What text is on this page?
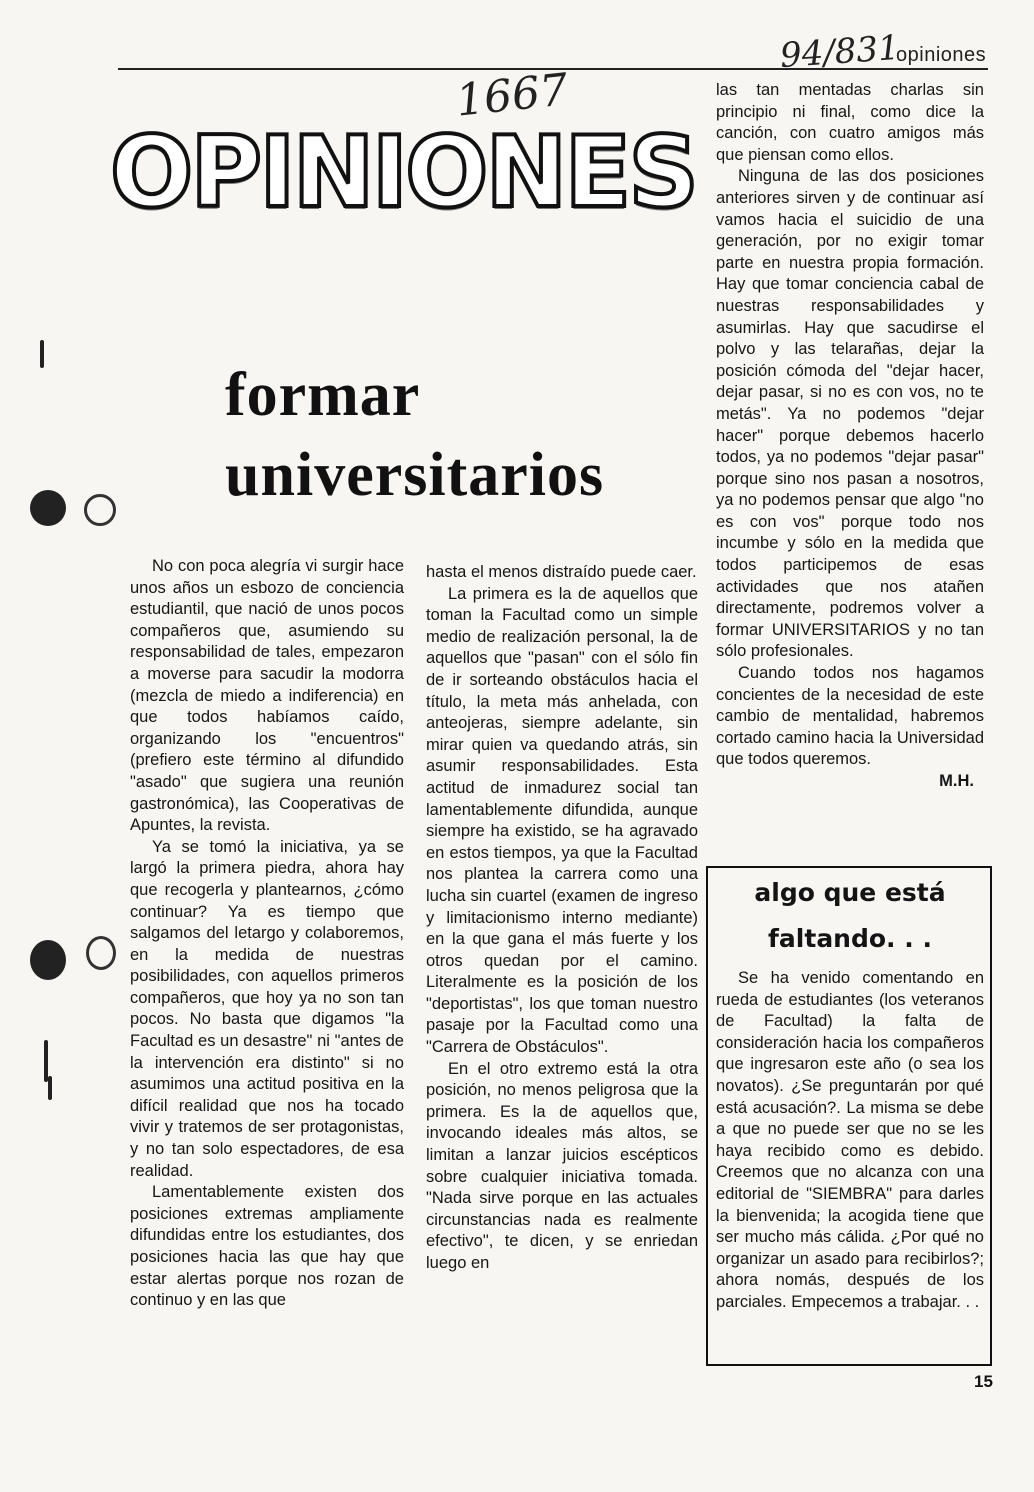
94/831
opiniones
1667
OPINIONES
formar
universitarios

No con poca alegría vi surgir hace unos años un esbozo de conciencia estudiantil, que nació de unos pocos compañeros que, asumiendo su responsabilidad de tales, empezaron a moverse para sacudir la modorra (mezcla de miedo a indiferencia) en que todos habíamos caído, organizando los "encuentros" (prefiero este término al difundido "asado" que sugiera una reunión gastronómica), las Cooperativas de Apuntes, la revista.

Ya se tomó la iniciativa, ya se largó la primera piedra, ahora hay que recogerla y plantearnos, ¿cómo continuar? Ya es tiempo que salgamos del letargo y colaboremos, en la medida de nuestras posibilidades, con aquellos primeros compañeros, que hoy ya no son tan pocos. No basta que digamos "la Facultad es un desastre" ni "antes de la intervención era distinto" si no asumimos una actitud positiva en la difícil realidad que nos ha tocado vivir y tratemos de ser protagonistas, y no tan solo espectadores, de esa realidad.

Lamentablemente existen dos posiciones extremas ampliamente difundidas entre los estudiantes, dos posiciones hacia las que hay que estar alertas porque nos rozan de continuo y en las que

hasta el menos distraído puede caer.

La primera es la de aquellos que toman la Facultad como un simple medio de realización personal, la de aquellos que "pasan" con el sólo fin de ir sorteando obstáculos hacia el título, la meta más anhelada, con anteojeras, siempre adelante, sin mirar quien va quedando atrás, sin asumir responsabilidades. Esta actitud de inmadurez social tan lamentablemente difundida, aunque siempre ha existido, se ha agravado en estos tiempos, ya que la Facultad nos plantea la carrera como una lucha sin cuartel (examen de ingreso y limitacionismo interno mediante) en la que gana el más fuerte y los otros quedan por el camino. Literalmente es la posición de los "deportistas", los que toman nuestro pasaje por la Facultad como una "Carrera de Obstáculos".

En el otro extremo está la otra posición, no menos peligrosa que la primera. Es la de aquellos que, invocando ideales más altos, se limitan a lanzar juicios escépticos sobre cualquier iniciativa tomada. "Nada sirve porque en las actuales circunstancias nada es realmente efectivo", te dicen, y se enriedan luego en

las tan mentadas charlas sin principio ni final, como dice la canción, con cuatro amigos más que piensan como ellos.

Ninguna de las dos posiciones anteriores sirven y de continuar así vamos hacia el suicidio de una generación, por no exigir tomar parte en nuestra propia formación. Hay que tomar conciencia cabal de nuestras responsabilidades y asumirlas. Hay que sacudirse el polvo y las telarañas, dejar la posición cómoda del "dejar hacer, dejar pasar, si no es con vos, no te metás". Ya no podemos "dejar hacer" porque debemos hacerlo todos, ya no podemos "dejar pasar" porque sino nos pasan a nosotros, ya no podemos pensar que algo "no es con vos" porque todo nos incumbe y sólo en la medida que todos participemos de esas actividades que nos atañen directamente, podremos volver a formar UNIVERSITARIOS y no tan sólo profesionales.

Cuando todos nos hagamos concientes de la necesidad de este cambio de mentalidad, habremos cortado camino hacia la Universidad que todos queremos.

M.H.
algo que está
faltando. . .

Se ha venido comentando en rueda de estudiantes (los veteranos de Facultad) la falta de consideración hacia los compañeros que ingresaron este año (o sea los novatos). ¿Se preguntarán por qué está acusación?. La misma se debe a que no puede ser que no se les haya recibido como es debido. Creemos que no alcanza con una editorial de "SIEMBRA" para darles la bienvenida; la acogida tiene que ser mucho más cálida. ¿Por qué no organizar un asado para recibirlos?; ahora nomás, después de los parciales. Empecemos a trabajar. . .

15
